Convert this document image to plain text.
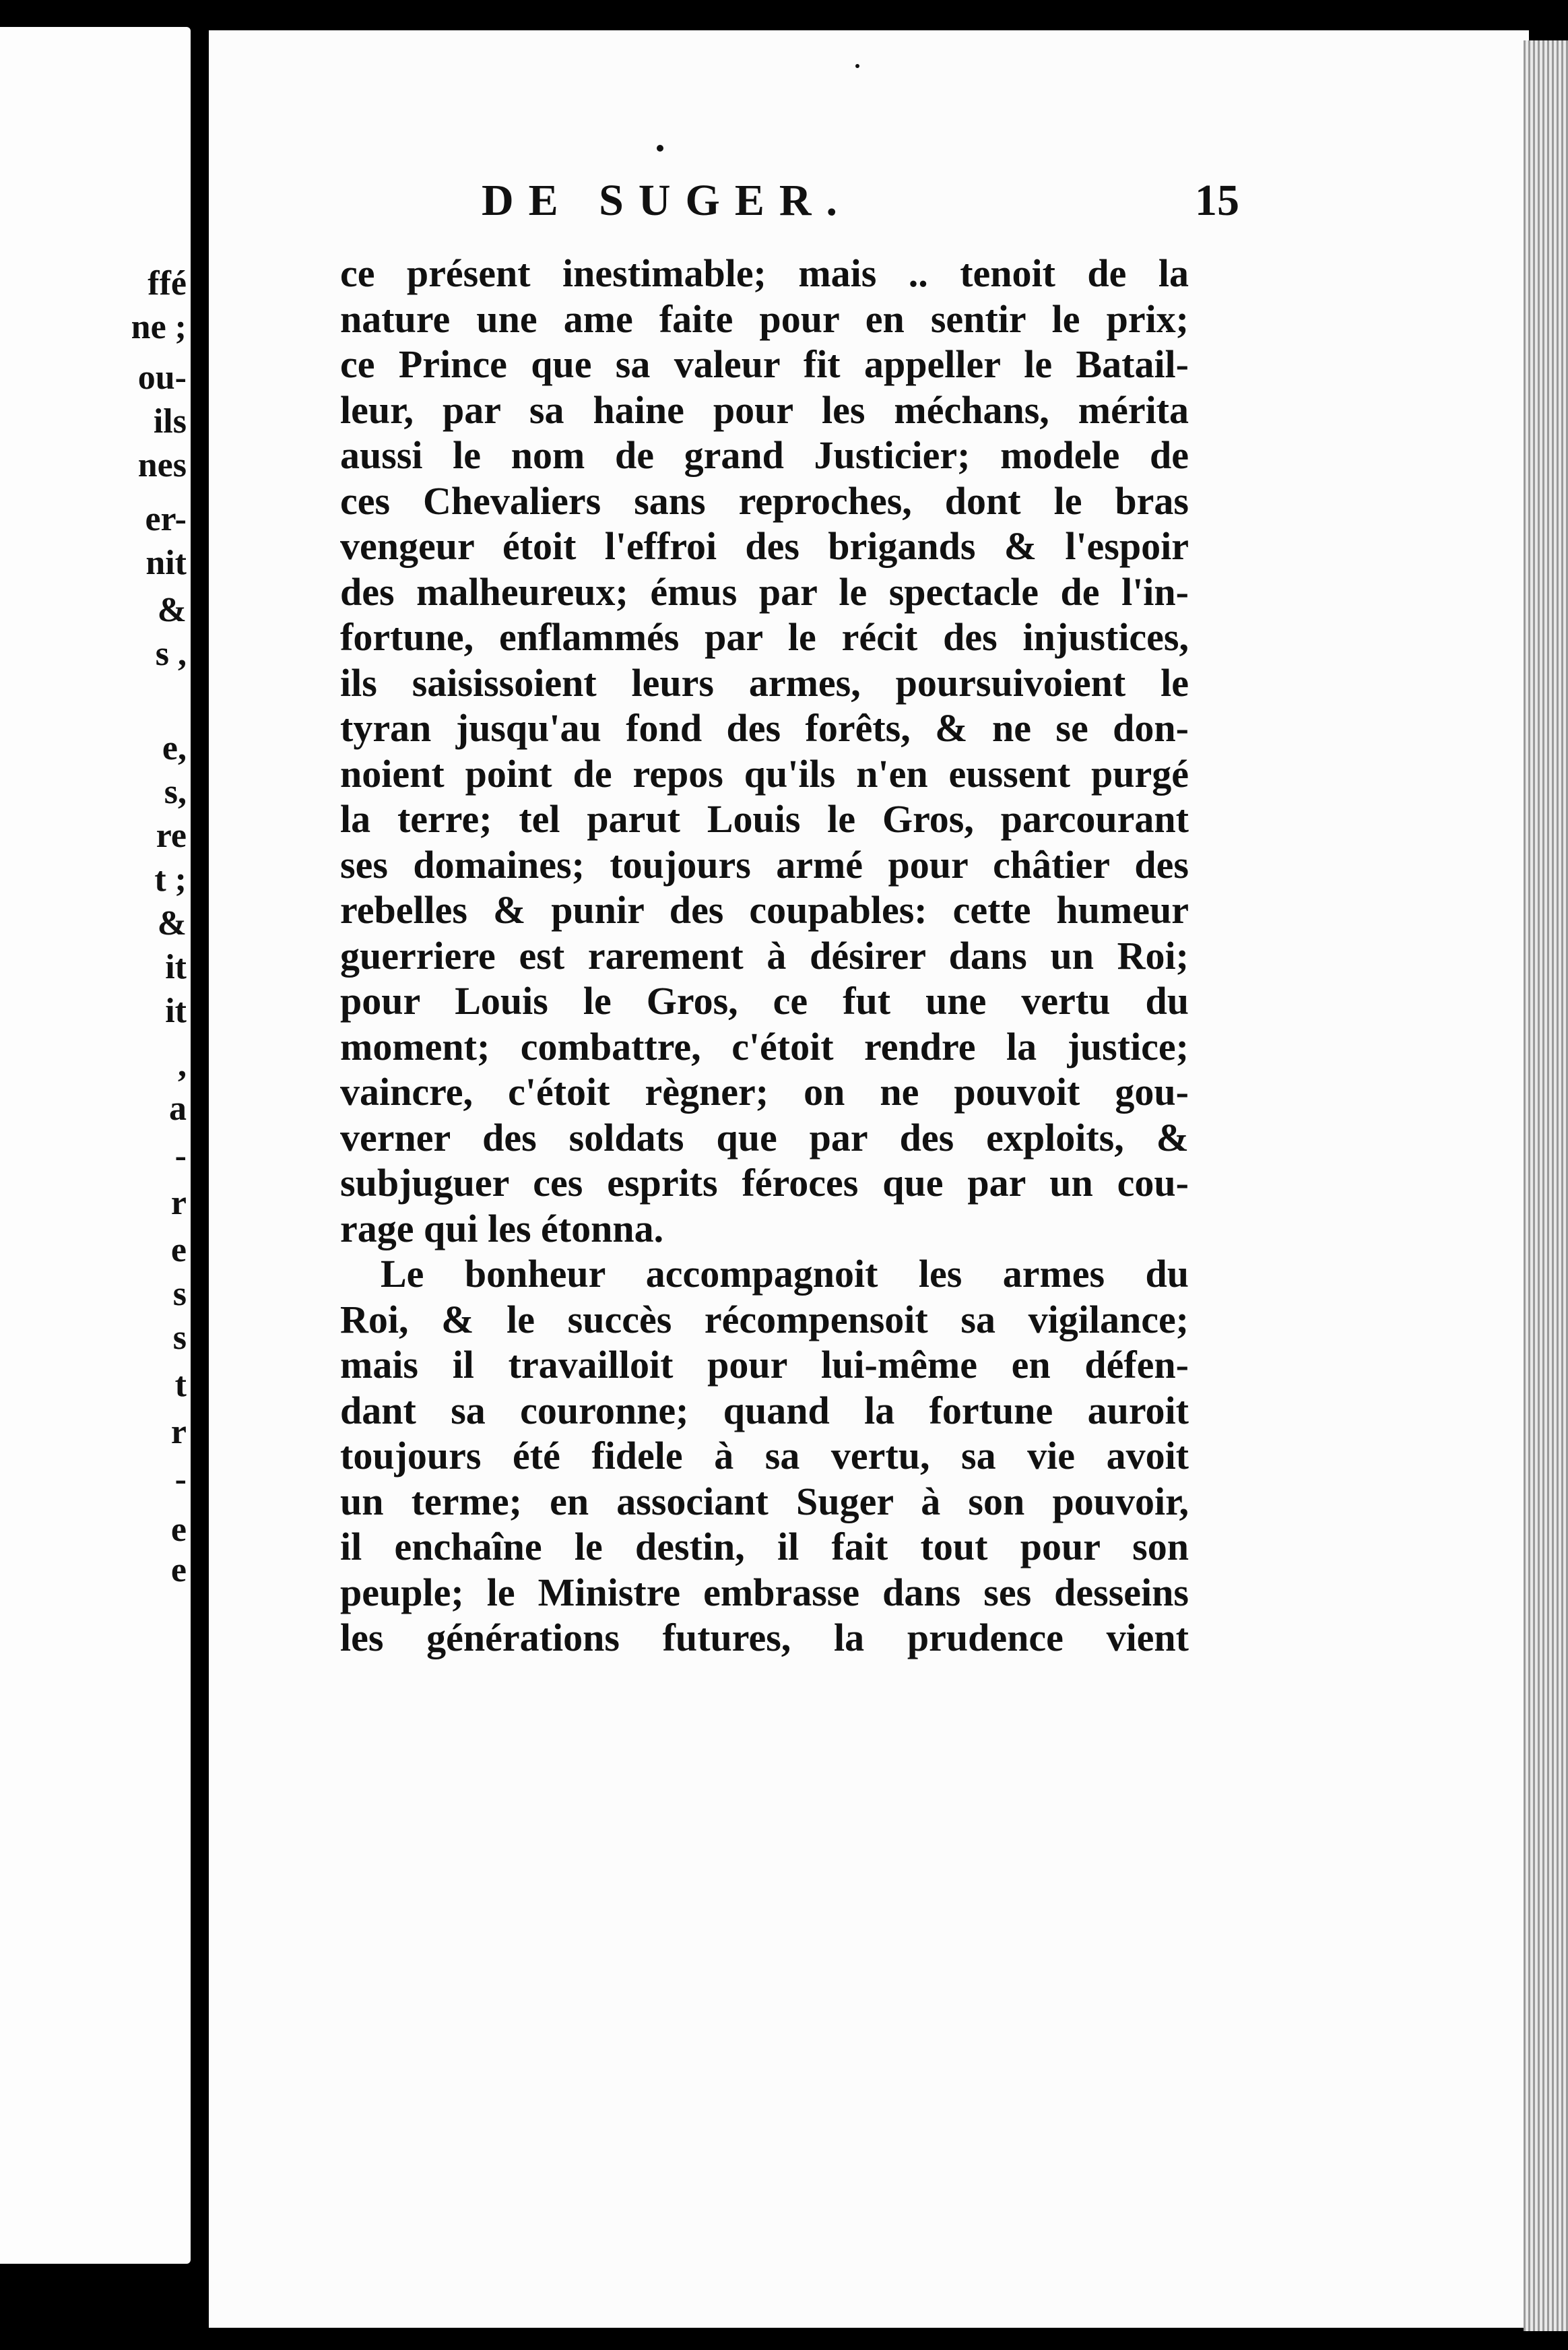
ffé
ne ;
ou-
ils
nes
er-
nit
&
s ,
e,
s,
re
t ;
&
it
it
,
a
-
r
e
s
s
t
r
-
e
e
DE SUGER.	15
ce présent inestimable; mais .. tenoit de la
nature une ame faite pour en sentir le prix;
ce Prince que sa valeur fit appeller le Batail-
leur, par sa haine pour les méchans, mérita
aussi le nom de grand Justicier; modele de
ces Chevaliers sans reproches, dont le bras
vengeur étoit l'effroi des brigands & l'espoir
des malheureux; émus par le spectacle de l'in-
fortune, enflammés par le récit des injustices,
ils saisissoient leurs armes, poursuivoient le
tyran jusqu'au fond des forêts, & ne se don-
noient point de repos qu'ils n'en eussent purgé
la terre; tel parut Louis le Gros, parcourant
ses domaines; toujours armé pour châtier des
rebelles & punir des coupables: cette humeur
guerriere est rarement à désirer dans un Roi;
pour Louis le Gros, ce fut une vertu du
moment; combattre, c'étoit rendre la justice;
vaincre, c'étoit règner; on ne pouvoit gou-
verner des soldats que par des exploits, &
subjuguer ces esprits féroces que par un cou-
rage qui les étonna.
Le bonheur accompagnoit les armes du
Roi, & le succès récompensoit sa vigilance;
mais il travailloit pour lui-même en défen-
dant sa couronne; quand la fortune auroit
toujours été fidele à sa vertu, sa vie avoit
un terme; en associant Suger à son pouvoir,
il enchaîne le destin, il fait tout pour son
peuple; le Ministre embrasse dans ses desseins
les générations futures, la prudence vient
